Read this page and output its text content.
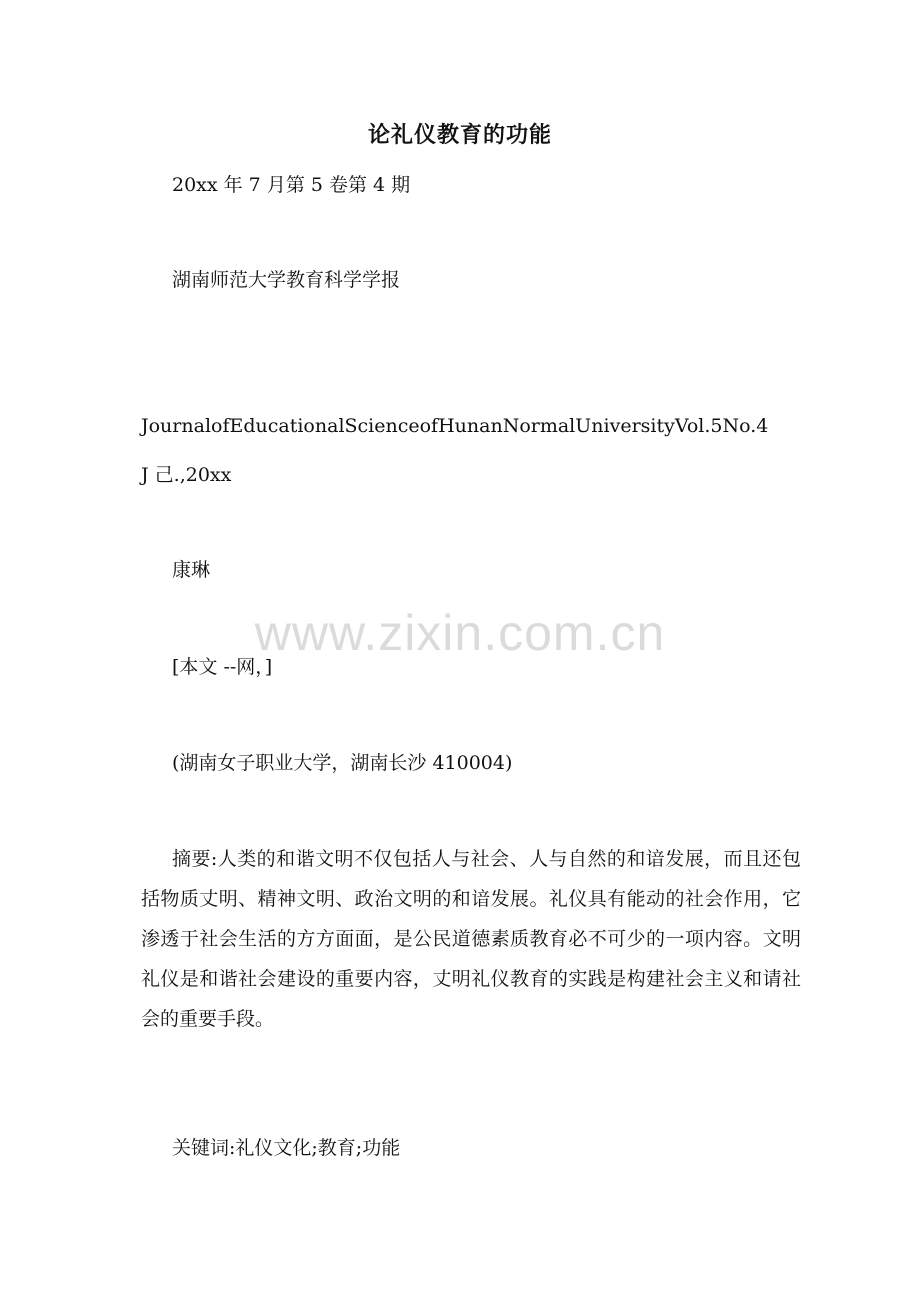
论礼仪教育的功能
20xx 年 7 月第 5 卷第 4 期
湖南师范大学教育科学学报
JournalofEducationalScienceofHunanNormalUniversityVol.5No.4
J 己.,20xx
康琳
[本文 --网，]
(湖南女子职业大学，湖南长沙 410004)
摘要:人类的和谐文明不仅包括人与社会、人与自然的和谙发展，而且还包括物质丈明、精神文明、政治文明的和谙发展。礼仪具有能动的社会作用，它渗透于社会生活的方方面面，是公民道德素质教育必不可少的一项内容。文明礼仪是和谐社会建设的重要内容，丈明礼仪教育的实践是构建社会主义和请社会的重要手段。
关键词:礼仪文化;教育;功能
www.zixin.com.cn
